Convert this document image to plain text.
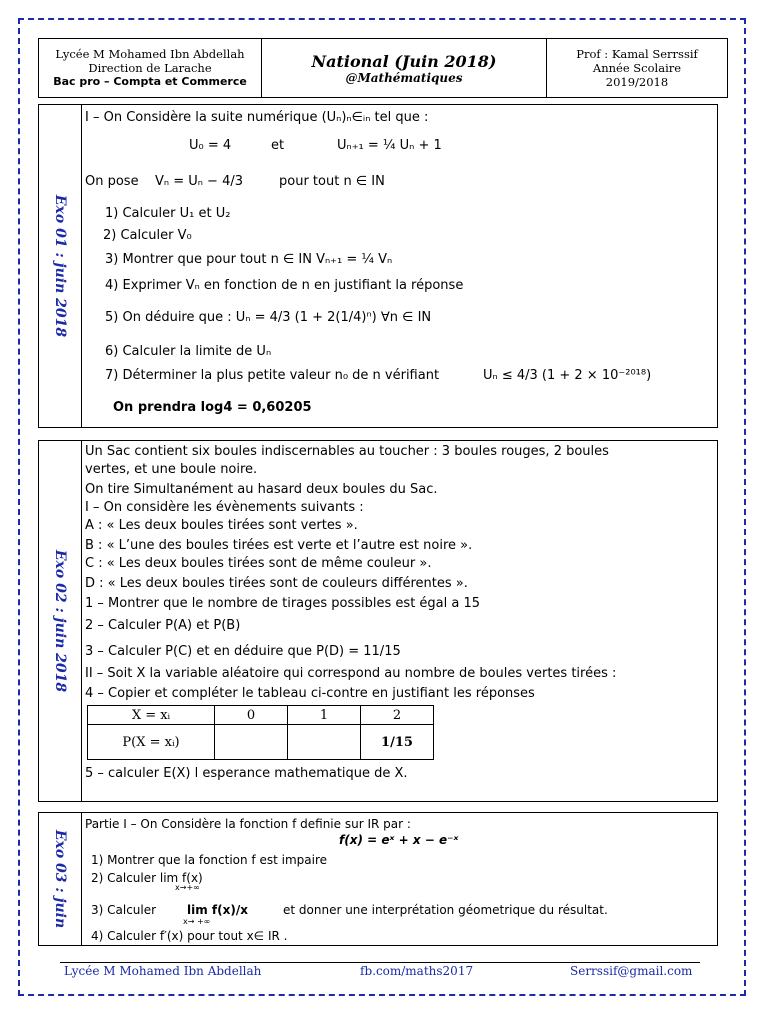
Lycée M Mohamed Ibn Abdellah
Direction de Larache
Bac pro – Compta et Commerce
National (Juin 2018)
@Mathématiques
Prof : Kamal Serrssif
Année Scolaire
2019/2018
Exo 01 : juin 2018
I – On Considère la suite numérique (Uₙ)ₙ∈ᵢₙ tel que :
U₀ = 4	et	Uₙ₊₁ = ¼ Uₙ + 1
On pose Vₙ = Uₙ − 4/3	pour tout n ∈ IN
1) Calculer U₁ et U₂
2) Calculer V₀
3) Montrer que pour tout n ∈ IN Vₙ₊₁ = ¼ Vₙ
4) Exprimer Vₙ en fonction de n en justifiant la réponse
5) On déduire que : Uₙ = 4/3 (1 + 2(1/4)ⁿ) ∀n ∈ IN
6) Calculer la limite de Uₙ
7) Déterminer la plus petite valeur n₀ de n vérifiant	Uₙ ≤ 4/3 (1 + 2 × 10⁻²⁰¹⁸)
On prendra log4 = 0,60205
Exo 02 : juin 2018
Un Sac contient six boules indiscernables au toucher : 3 boules rouges, 2 boules
vertes, et une boule noire.
On tire Simultanément au hasard deux boules du Sac.
I – On considère les évènements suivants :
A : « Les deux boules tirées sont vertes ».
B : « L’une des boules tirées est verte et l’autre est noire ».
C : « Les deux boules tirées sont de même couleur ».
D : « Les deux boules tirées sont de couleurs différentes ».
1 – Montrer que le nombre de tirages possibles est égal a 15
2 – Calculer P(A) et P(B)
3 – Calculer P(C) et en déduire que P(D) = 11/15
II – Soit X la variable aléatoire qui correspond au nombre de boules vertes tirées :
4 – Copier et compléter le tableau ci-contre en justifiant les réponses
X = xᵢ	0	1	2
P(X = xᵢ)			1/15
5 – calculer E(X) l esperance mathematique de X.
Exo 03 : juin
Partie I – On Considère la fonction f definie sur IR par :
f(x) = eˣ + x − e⁻ˣ
1) Montrer que la fonction f est impaire
2) Calculer lim f(x)
x→+∞
3) Calculer	lim f(x)/x
x→ +∞
et donner une interprétation géometrique du résultat.
4) Calculer f′(x) pour tout x∈ IR .
Lycée M Mohamed Ibn Abdellah	fb.com/maths2017	Serrssif@gmail.com
